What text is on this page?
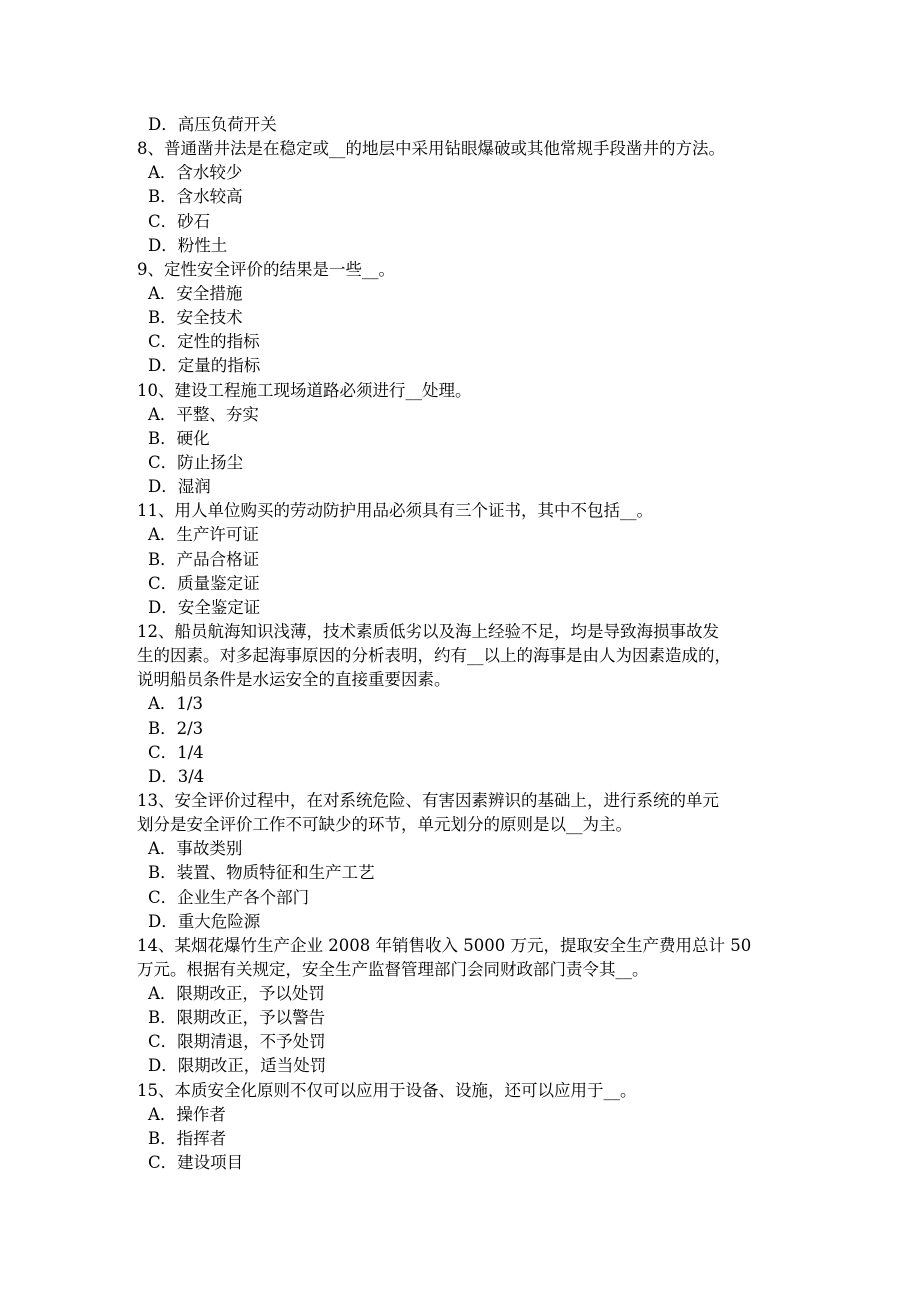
D．高压负荷开关
8、普通凿井法是在稳定或__的地层中采用钻眼爆破或其他常规手段凿井的方法。
A．含水较少
B．含水较高
C．砂石
D．粉性土
9、定性安全评价的结果是一些__。
A．安全措施
B．安全技术
C．定性的指标
D．定量的指标
10、建设工程施工现场道路必须进行__处理。
A．平整、夯实
B．硬化
C．防止扬尘
D．湿润
11、用人单位购买的劳动防护用品必须具有三个证书，其中不包括__。
A．生产许可证
B．产品合格证
C．质量鉴定证
D．安全鉴定证
12、船员航海知识浅薄，技术素质低劣以及海上经验不足，均是导致海损事故发
生的因素。对多起海事原因的分析表明，约有__以上的海事是由人为因素造成的，
说明船员条件是水运安全的直接重要因素。
A．1/3
B．2/3
C．1/4
D．3/4
13、安全评价过程中，在对系统危险、有害因素辨识的基础上，进行系统的单元
划分是安全评价工作不可缺少的环节，单元划分的原则是以__为主。
A．事故类别
B．装置、物质特征和生产工艺
C．企业生产各个部门
D．重大危险源
14、某烟花爆竹生产企业 2008 年销售收入 5000 万元，提取安全生产费用总计 50
万元。根据有关规定，安全生产监督管理部门会同财政部门责令其__。
A．限期改正，予以处罚
B．限期改正，予以警告
C．限期清退，不予处罚
D．限期改正，适当处罚
15、本质安全化原则不仅可以应用于设备、设施，还可以应用于__。
A．操作者
B．指挥者
C．建设项目
